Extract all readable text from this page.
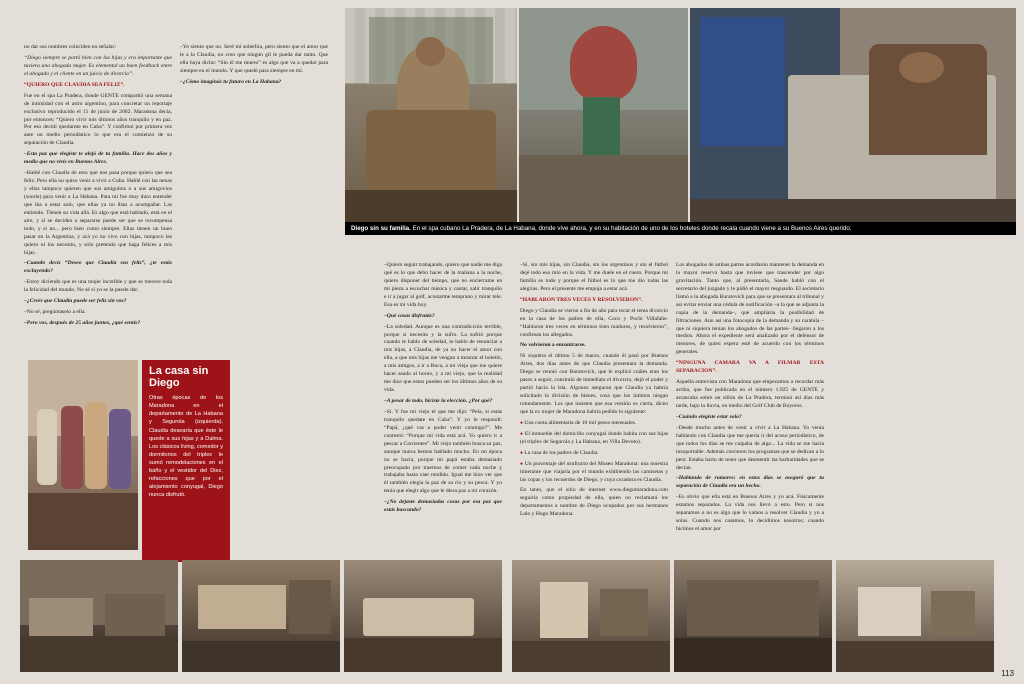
Diego sin su familia. En el spa cubano La Pradera, de La Habana, donde vive ahora, y en su habitación de uno de los hoteles donde recala cuando viene a su Buenos Aires querido.
La casa sin Diego
Otras épocas de los Maradona en el departamento de La Habana y Segurola (izquierda). Claudia desearía que éste le quede a sus hijas y a Dalma. Los clásicos living, comedor y dormitorios del triplex le sumó remodelaciones en el baño y el vestidor del Diez, refacciones que por el alejamiento conyugal, Diego nunca disfrutó.

no dar sus nombres coinciden en señalar:

“Diego siempre se portó bien con las hijas y era importante que tuviera una abogada mujer. Es elemental un buen feedback entre el abogado y el cliente en un juicio de divorcio”.

“QUIERO QUE CLAUDIA SEA FELIZ”.

Fue en el spa La Pradera, donde GENTE compartió una semana de intimidad con el astro argentino, para concretar un reportaje exclusivo reproducido el 11 de junio de 2002. Maradona decía, por entonces: “Quiero vivir mis últimos años tranquilo y en paz. Por eso decidí quedarme en Cuba”. Y confirmó por primera vez ante un medio periodístico lo que era el comienzo de su separación de Claudia.

–Esta paz que elegiste te alejó de tu familia. Hace dos años y medio que no vivís en Buenos Aires.

–Hablé con Claudia de esto que nos pasa porque quiero que sea feliz. Pero ella no quiso venir a vivir a Cuba. Hablé con las nenas y ellas tampoco quieren que sus amiguitos o a sus amigovios (sonríe) para venir a La Habana. Para mí fue muy duro entender que iba a estar solo, que ellas ya no iban a acompañar. Las entiendo. Tienen su vida allá. Es algo que está hablado, está en el aire, y si se deciden a separarse puede ser que se recompensa todo, y si no... pero bien como siempre. Ellas tienen un buen pasar en la Argentina, y acá yo no vivo con hijas, tampoco les quiero ni los necesito, y sólo pretendo que haga felices a mis hijas.

–Cuando decís “Deseo que Claudia sea feliz”, ¿te estás excluyendo?

–Estoy diciendo que es una mujer increíble y que se merece toda la felicidad del mundo. No sé si yo se la puedo dar.

–¿Creés que Claudia puede ser feliz sin vos?

–No sé, pregúntaselo a ella.

–Pero vos, después de 25 años juntos, ¿qué sentís?

–Yo siento que no. Seré mi soberbia, pero siento que el amor que le a la Claudia, no creo que ningún gil le pueda dar tanto. Que ella haya dicho: “Sin él me muero” es algo que va a quedar para siempre en el mundo. Y que quedó para siempre en mí.

–¿Cómo imaginás tu futuro en La Habana?

–Quiero seguir trabajando, quiero que nadie me diga qué es lo que debo hacer de la mañana a la noche, quiero disponer del tiempo, que no encierrame en mi pieza a escuchar música y cantar, salir tranquilo e ir a jugar al golf, acostarme temprano y mirar tele. Esa es mi vida hoy.

–Qué cosas disfrutás?

–La soledad. Aunque es una contradicción terrible, porque si necesito y la sufro. La sufrió porque cuando te hablo de soledad, te hablo de renunciar a mis hijas, a Claudia, de ya no hacer el amor con ella, a que mis hijas me vengan a mostrar el boletín, a mis amigos, a ir a Boca, a mi vieja que me quiere hacer asado al horno, y a mi viejo, que la realidad me dice que estos pueden ser los últimos años de su vida.

–A pesar de todo, hiciste la elección. ¿Por qué?

–Sí. Y fue mi viejo el que me dijo: “Pela, si estás tranquilo quedate en Cuba”. Y yo le respondí: “Papá, ¿qué vas a poder venir conmigo?”. Me contestó: “Porque mi vida está acá. Yo quiero ir a pescar a Corrientes”. Mi viejo también busca su paz, aunque nunca hemos hablado mucho. En mi época no se hacía, porque mi papá estaba demasiado preocupado por traernos de comer cada noche y trabajaba hasta caer rendido. Igual me hizo ver que él también elegía la paz de su río y su pesca. Y yo tenía que elegir algo que le diera paz a mi corazón.

–¿No dejaste demasiadas cosas por esa paz que estás buscando?

–Sí, sin mis hijas, sin Claudia, sin los argentinos y sin el fútbol dejé todo eso mío en la vida. Y me duele en el cuero. Porque mi familia es todo y porque el fútbol es lo que me dio todas las alegrías. Pero el presente me empuja a estar acá.

“HABLARON TRES VECES Y RESOLVIERON”.

Diego y Claudia se vieron a fin de año para tocar el tema divorcio en la casa de los padres de ella, Coco y Pochi Villafañe. “Hablaron tres veces en términos bien maduros, y resolvieron”, confiesan los allegados.

No volvieron a encontrarse.

Ni siquiera el último 5 de marzo, cuando él pasó por Buenos Aires, dos días antes de que Claudia presentara la demanda. Diego se reunió con Buratovich, que le explicó cuáles eran los pasos a seguir, consintió de inmediato el divorcio, dejó el poder y partió hacia la isla. Algunos aseguran que Claudia ya habría solicitado la división de bienes, cosa que los íntimos niegan rotundamente. Los que insisten que esa versión es cierta, dicen que la ex mujer de Maradona habría pedido lo siguiente:

● Una cuota alimentaria de 10 mil pesos mensuales.

● El inmueble del domicilio conyugal donde habita con sus hijas (el triplex de Segurola y La Habana, en Villa Devoto).

● La casa de los padres de Claudia.

● Un porcentaje del usufructo del Museo Maradona: una muestra itinerante que viajaría por el mundo exhibiendo las camisetas y las copas y los recuerdos de Diego, y cuya curadora es Claudia.

En tanto, que el sitio de internet www.diegomaradona.com seguiría como propiedad de ella, quien no reclamará los departamentos a nombre de Diego ocupados por sus hermanos Lalo y Hugo Maradona.

Los abogados de ambas partes acordaron mantener la demanda en la mayor reserva hasta que tuviese que trascender por algo gravitación. Tanto que, al presentarla, Sande habló con el secretario del juzgado y le pidió el mayor resguardo. El secretario llamó a la abogada Buratovich para que se presentara al tribunal y así evitar enviar una cédula de notificación –a la que se adjunta la copia de la demanda–, que ampliaría la posibilidad de filtraciones. Aun así una fotocopia de la demanda y su carátula –que ni siquiera tenían los abogados de las partes– llegaron a los medios. Ahora el expediente será analizado por el defensor de menores, de quien espera esté de acuerdo con los términos generales.

“NINGUNA CAMARA VA A FILMAR ESTA SEPARACION”.

Aquella entrevista con Maradona que empezamos a recordar más arriba, que fue publicada en el número 1.925 de GENTE y arrancaba sobre un sillón de La Pradera, terminó así días más tarde, bajo la lluvia, en medio del Golf Club de Boyeros.

–Cuándo elegiste estar solo?

–Desde mucho antes de venir a vivir a La Habana. Yo venía hablando con Claudia que me quería ir del acoso periodístico, de que todos los días se me culpaba de algo... La vida se me hacía insoportable. Además crecieron los programas que se dedican a lo peor. Estaba harto de tener que desmentir las barbaridades que se decían.

–Hablando de rumores: en estos días se aseguró que tu separación de Claudia era un hecho.

–Es obvio que ella está en Buenos Aires y yo acá. Físicamente estamos separados. La vida nos llevó a esto. Pero si nos separamos o no es algo que lo vamos a resolver Claudia y yo a solas. Cuando nos casamos, lo decidimos nosotros; cuando hicimos el amor por

113
